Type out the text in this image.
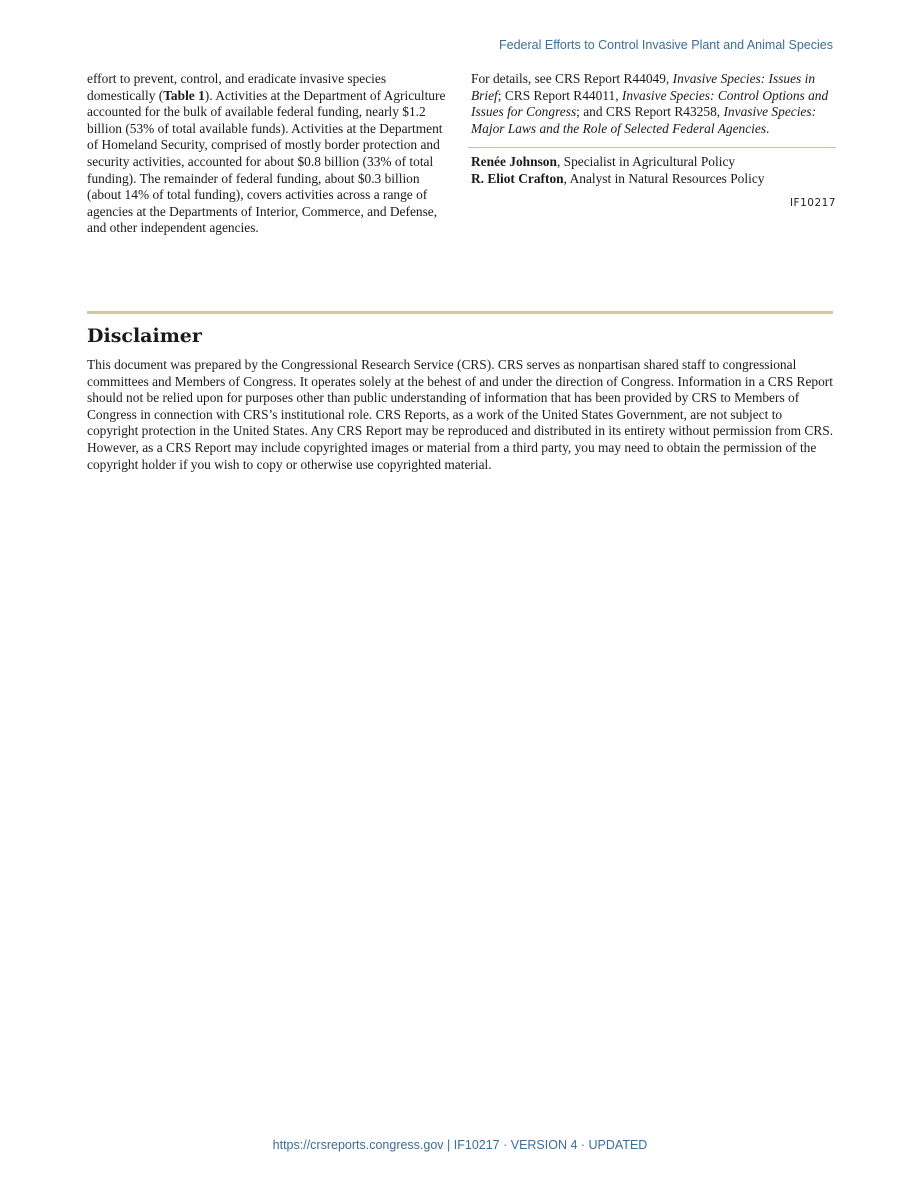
Federal Efforts to Control Invasive Plant and Animal Species

effort to prevent, control, and eradicate invasive species domestically (Table 1). Activities at the Department of Agriculture accounted for the bulk of available federal funding, nearly $1.2 billion (53% of total available funds). Activities at the Department of Homeland Security, comprised of mostly border protection and security activities, accounted for about $0.8 billion (33% of total funding). The remainder of federal funding, about $0.3 billion (about 14% of total funding), covers activities across a range of agencies at the Departments of Interior, Commerce, and Defense, and other independent agencies.

For details, see CRS Report R44049, Invasive Species: Issues in Brief; CRS Report R44011, Invasive Species: Control Options and Issues for Congress; and CRS Report R43258, Invasive Species: Major Laws and the Role of Selected Federal Agencies.

Renée Johnson, Specialist in Agricultural Policy
R. Eliot Crafton, Analyst in Natural Resources Policy
IF10217
Disclaimer

This document was prepared by the Congressional Research Service (CRS). CRS serves as nonpartisan shared staff to congressional committees and Members of Congress. It operates solely at the behest of and under the direction of Congress. Information in a CRS Report should not be relied upon for purposes other than public understanding of information that has been provided by CRS to Members of Congress in connection with CRS’s institutional role. CRS Reports, as a work of the United States Government, are not subject to copyright protection in the United States. Any CRS Report may be reproduced and distributed in its entirety without permission from CRS. However, as a CRS Report may include copyrighted images or material from a third party, you may need to obtain the permission of the copyright holder if you wish to copy or otherwise use copyrighted material.

https://crsreports.congress.gov | IF10217 · VERSION 4 · UPDATED
